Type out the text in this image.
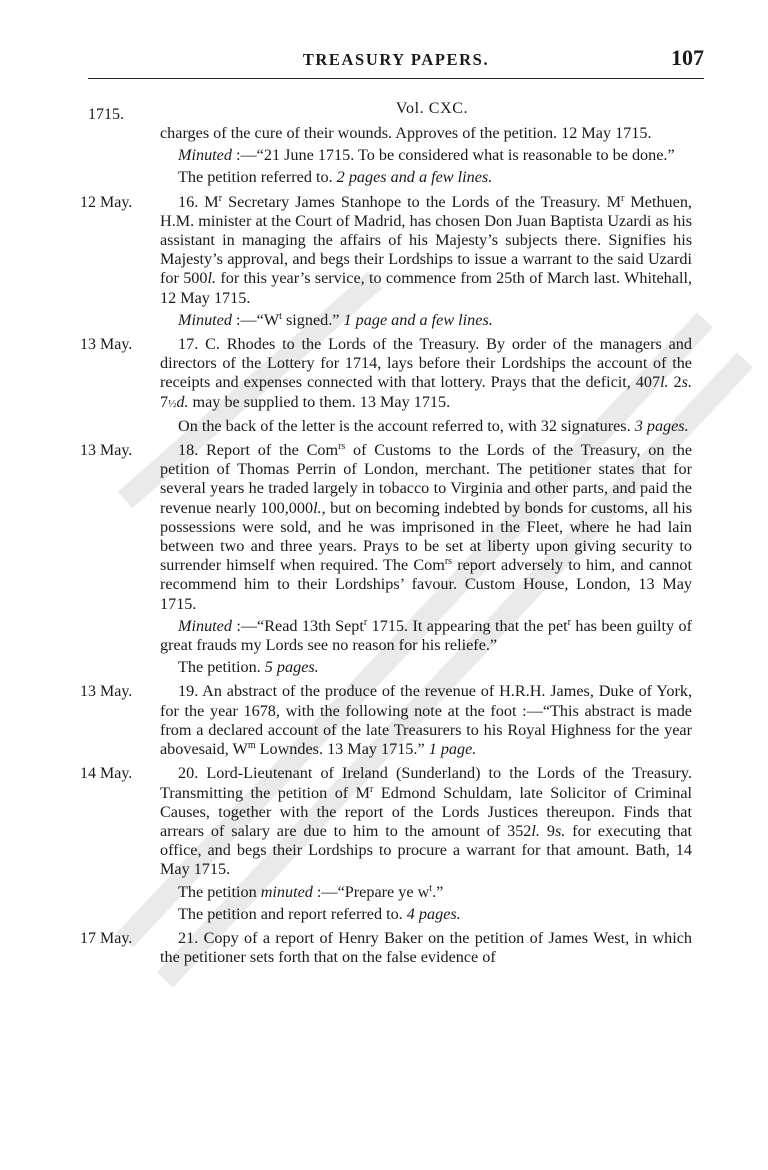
TREASURY PAPERS.	107
1715.	Vol. CXC.

charges of the cure of their wounds. Approves of the petition. 12 May 1715.

Minuted :—“21 June 1715. To be considered what is reasonable to be done.”

The petition referred to. 2 pages and a few lines.

12 May.	16. $M^r$ Secretary James Stanhope to the Lords of the Treasury. $M^r$ Methuen, H.M. minister at the Court of Madrid, has chosen Don Juan Baptista Uzardi as his assistant in managing the affairs of his Majesty’s subjects there. Signifies his Majesty’s approval, and begs their Lordships to issue a warrant to the said Uzardi for 500l. for this year’s service, to commence from 25th of March last. Whitehall, 12 May 1715.

Minuted $:—“W^t$ signed.” 1 page and a few lines.

13 May.	17. C. Rhodes to the Lords of the Treasury. By order of the managers and directors of the Lottery for 1714, lays before their Lordships the account of the receipts and expenses connected with that lottery. Prays that the deficit, 407l. 2s. 7½d. may be supplied to them. 13 May 1715.

On the back of the letter is the account referred to, with 32 signatures. 3 pages.

13 May.	18. Report of the Com$^{rs}$ of Customs to the Lords of the Treasury, on the petition of Thomas Perrin of London, merchant. The petitioner states that for several years he traded largely in tobacco to Virginia and other parts, and paid the revenue nearly 100,000l., but on becoming indebted by bonds for customs, all his possessions were sold, and he was imprisoned in the Fleet, where he had lain between two and three years. Prays to be set at liberty upon giving security to surrender himself when required. The Com$^{rs}$ report adversely to him, and cannot recommend him to their Lordships’ favour. Custom House, London, 13 May 1715.

Minuted :—“Read 13th Sept$^r$ 1715. It appearing that the pet$^r$ has been guilty of great frauds my Lords see no reason for his reliefe.”

The petition. 5 pages.

13 May.	19. An abstract of the produce of the revenue of H.R.H. James, Duke of York, for the year 1678, with the following note at the foot :—“This abstract is made from a declared account of the late Treasurers to his Royal Highness for the year abovesaid, $W^m$ Lowndes. 13 May 1715.” 1 page.

14 May.	20. Lord-Lieutenant of Ireland (Sunderland) to the Lords of the Treasury. Transmitting the petition of $M^r$ Edmond Schuldam, late Solicitor of Criminal Causes, together with the report of the Lords Justices thereupon. Finds that arrears of salary are due to him to the amount of 352l. 9s. for executing that office, and begs their Lordships to procure a warrant for that amount. Bath, 14 May 1715.

The petition minuted :—“Prepare ye $w^t$.”

The petition and report referred to. 4 pages.

17 May.	21. Copy of a report of Henry Baker on the petition of James West, in which the petitioner sets forth that on the false evidence of
